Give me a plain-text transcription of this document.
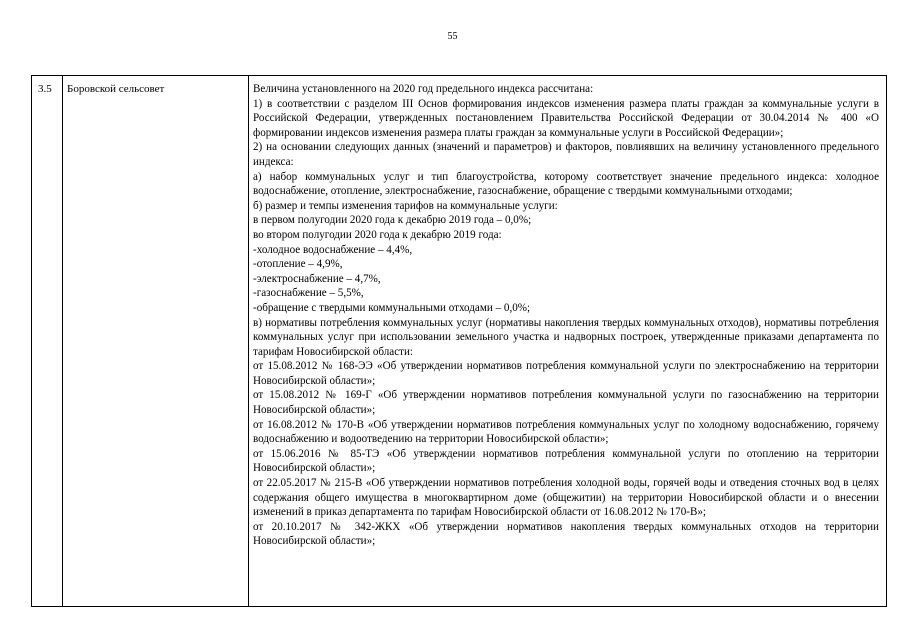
55
3.5 Боровской сельсовет	Величина установленного на 2020 год предельного индекса рассчитана:

1) в соответствии с разделом III Основ формирования индексов изменения размера платы граждан за коммунальные услуги в Российской Федерации, утвержденных постановлением Правительства Российской Федерации от 30.04.2014 № 400 «О формировании индексов изменения размера платы граждан за коммунальные услуги в Российской Федерации»;

2) на основании следующих данных (значений и параметров) и факторов, повлиявших на величину установленного предельного индекса:

а) набор коммунальных услуг и тип благоустройства, которому соответствует значение предельного индекса: холодное водоснабжение, отопление, электроснабжение, газоснабжение, обращение с твердыми коммунальными отходами;

б) размер и темпы изменения тарифов на коммунальные услуги:

в первом полугодии 2020 года к декабрю 2019 года – 0,0%;

во втором полугодии 2020 года к декабрю 2019 года:

-холодное водоснабжение – 4,4%,

-отопление – 4,9%,

-электроснабжение – 4,7%,

-газоснабжение – 5,5%,

-обращение с твердыми коммунальными отходами – 0,0%;

в) нормативы потребления коммунальных услуг (нормативы накопления твердых коммунальных отходов), нормативы потребления коммунальных услуг при использовании земельного участка и надворных построек, утвержденные приказами департамента по тарифам Новосибирской области:

от 15.08.2012 № 168-ЭЭ «Об утверждении нормативов потребления коммунальной услуги по электроснабжению на территории Новосибирской области»;

от 15.08.2012 № 169-Г «Об утверждении нормативов потребления коммунальной услуги по газоснабжению на территории Новосибирской области»;

от 16.08.2012 № 170-В «Об утверждении нормативов потребления коммунальных услуг по холодному водоснабжению, горячему водоснабжению и водоотведению на территории Новосибирской области»;

от 15.06.2016 № 85-ТЭ «Об утверждении нормативов потребления коммунальной услуги по отоплению на территории Новосибирской области»;

от 22.05.2017 № 215-В «Об утверждении нормативов потребления холодной воды, горячей воды и отведения сточных вод в целях содержания общего имущества в многоквартирном доме (общежитии) на территории Новосибирской области и о внесении изменений в приказ департамента по тарифам Новосибирской области от 16.08.2012 № 170-В»;

от 20.10.2017 № 342-ЖКХ «Об утверждении нормативов накопления твердых коммунальных отходов на территории Новосибирской области»;
